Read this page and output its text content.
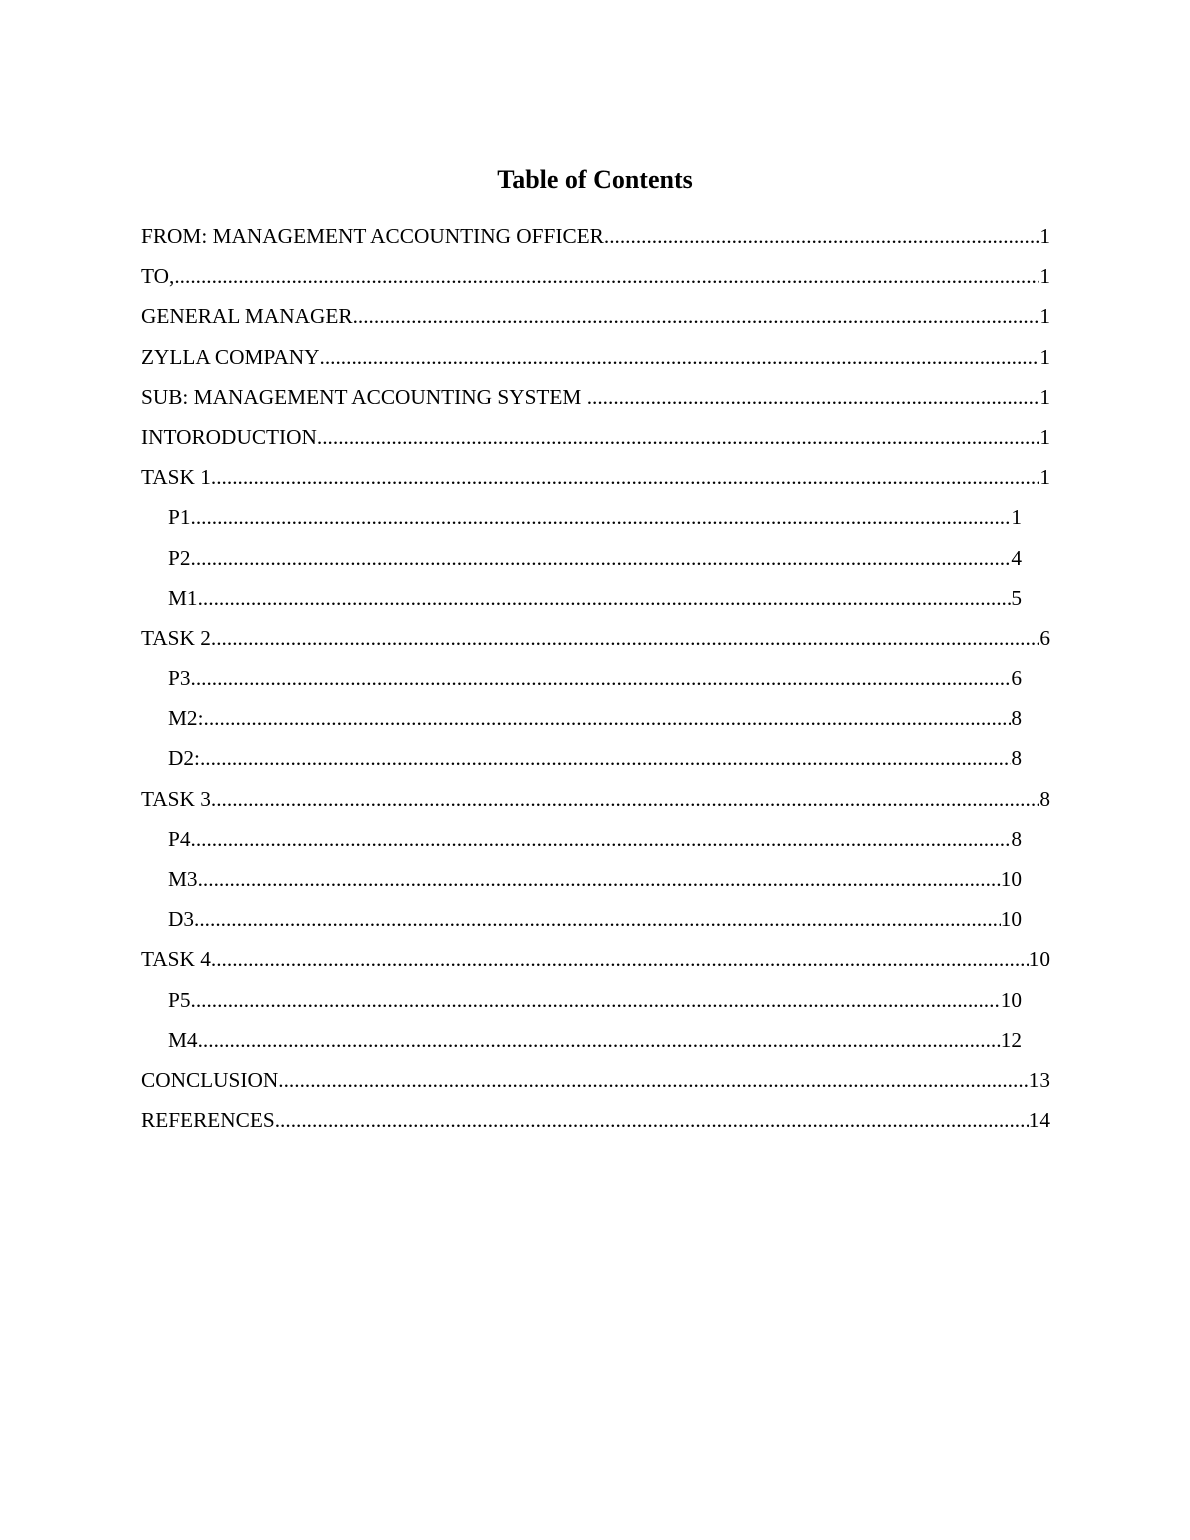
Table of Contents
FROM: MANAGEMENT ACCOUNTING OFFICER .....	1
TO, .....	1
GENERAL MANAGER .....	1
ZYLLA COMPANY .....	1
SUB: MANAGEMENT ACCOUNTING SYSTEM .....	1
INTORODUCTION .....	1
TASK 1 .....	1
P1 .....	1
P2 .....	4
M1 .....	5
TASK 2 .....	6
P3 .....	6
M2: .....	8
D2: .....	8
TASK 3 .....	8
P4 .....	8
M3 .....	10
D3 .....	10
TASK 4 .....	10
P5 .....	10
M4 .....	12
CONCLUSION .....	13
REFERENCES .....	14
